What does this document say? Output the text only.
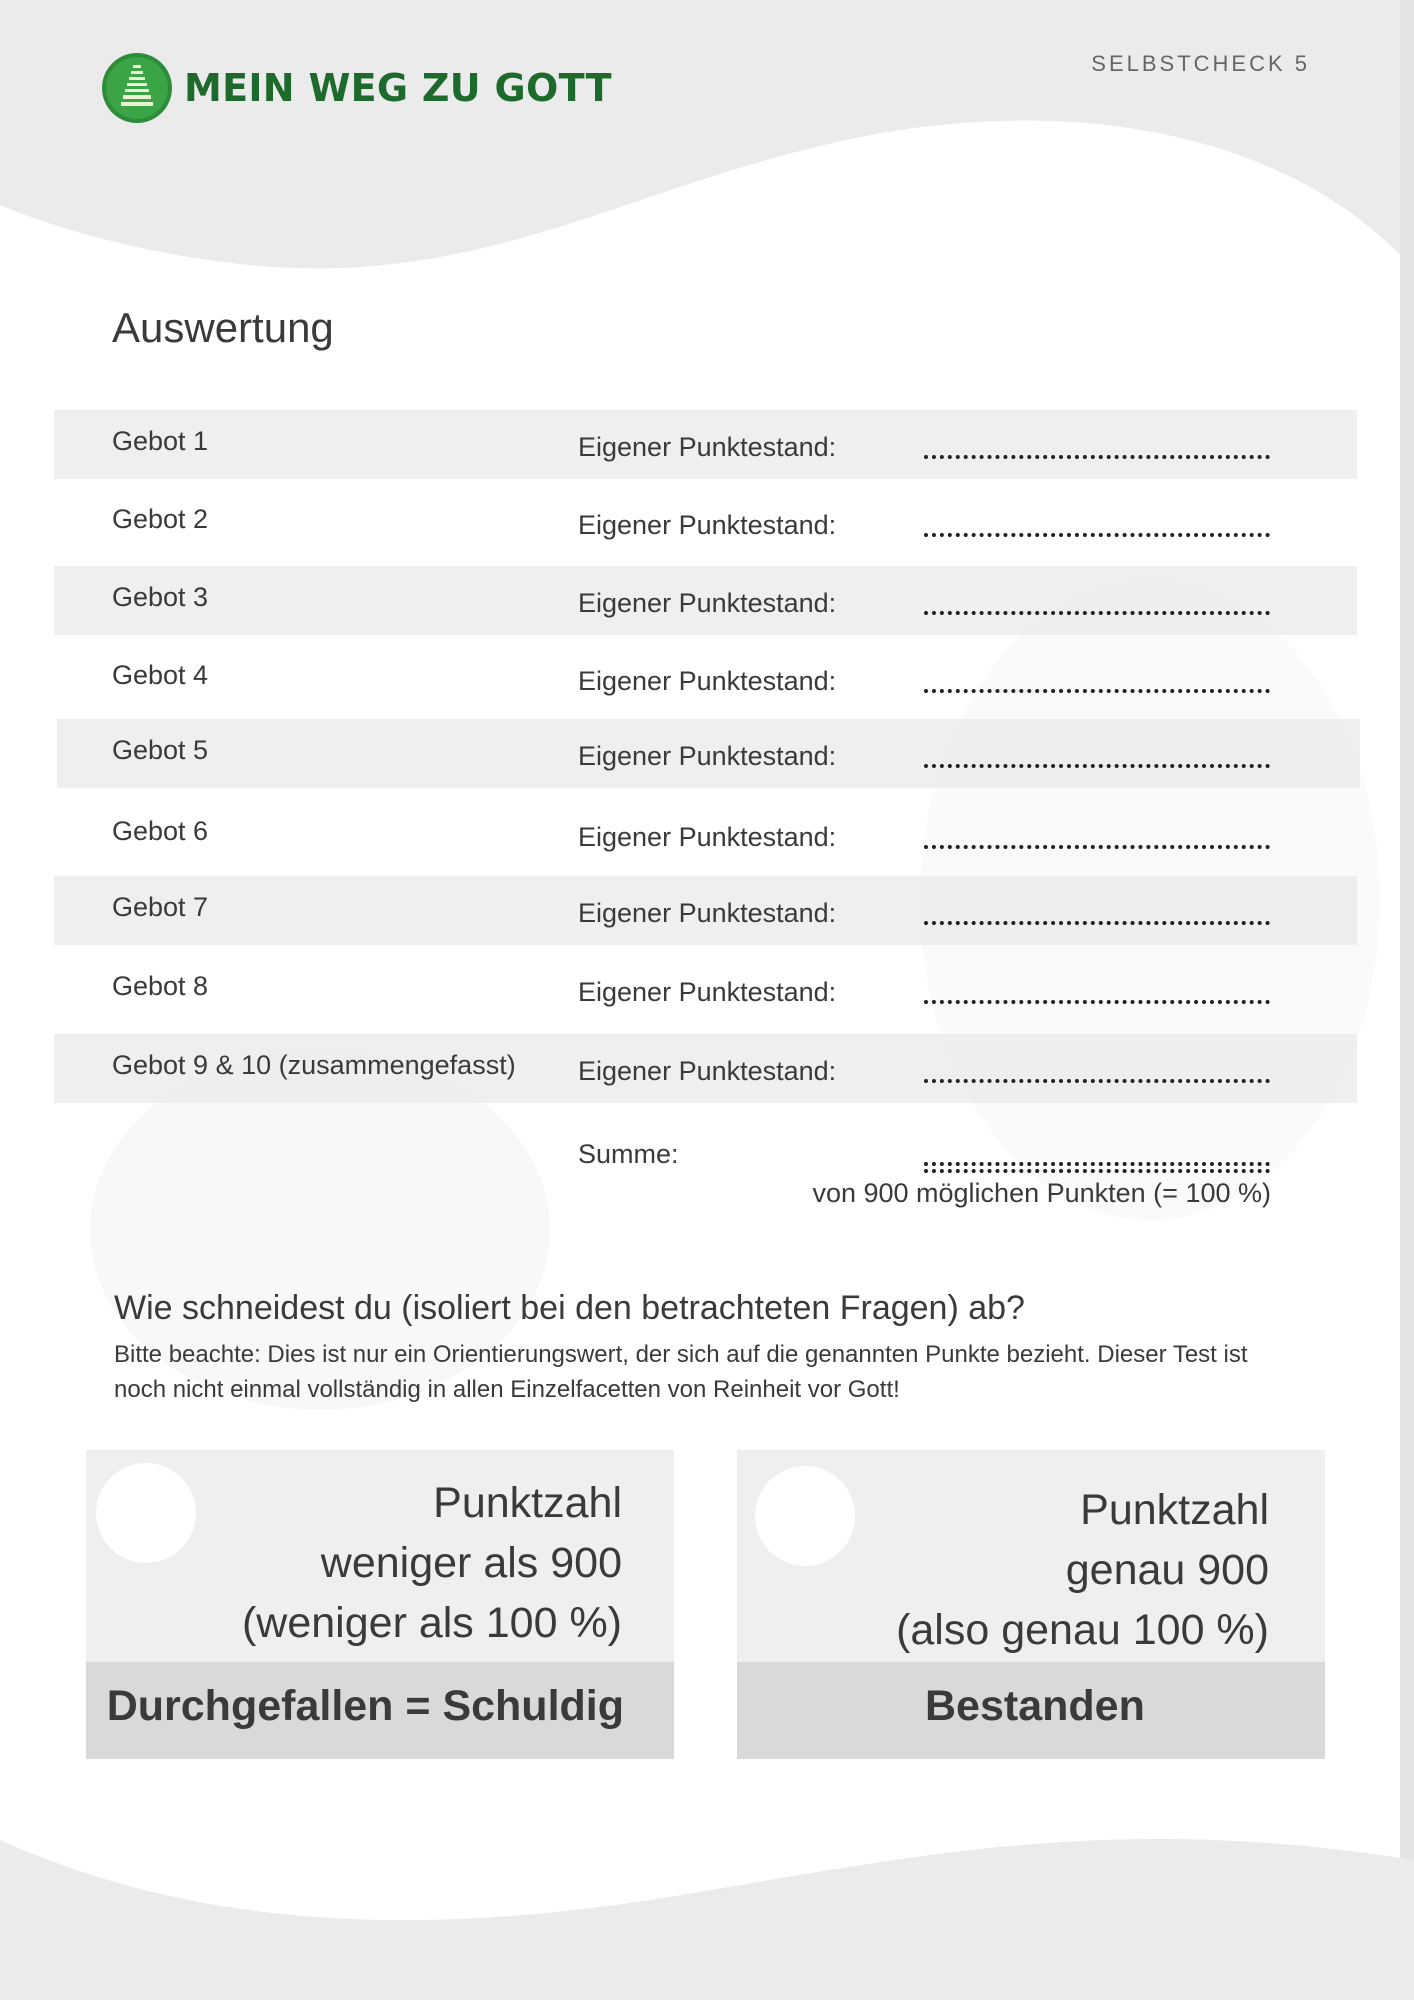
MEIN WEG ZU GOTT
SELBSTCHECK 5
Auswertung
Gebot 1	Eigener Punktestand:
Gebot 2	Eigener Punktestand:
Gebot 3	Eigener Punktestand:
Gebot 4	Eigener Punktestand:
Gebot 5	Eigener Punktestand:
Gebot 6	Eigener Punktestand:
Gebot 7	Eigener Punktestand:
Gebot 8	Eigener Punktestand:
Gebot 9 & 10 (zusammengefasst) Eigener Punktestand:
Summe:
von 900 möglichen Punkten (= 100 %)
Wie schneidest du (isoliert bei den betrachteten Fragen) ab?

Bitte beachte: Dies ist nur ein Orientierungswert, der sich auf die genannten Punkte bezieht. Dieser Test ist noch nicht einmal vollständig in allen Einzelfacetten von Reinheit vor Gott!

Punktzahl
weniger als 900
(weniger als 100 %)
Durchgefallen = Schuldig
Punktzahl
genau 900
(also genau 100 %)
Bestanden
